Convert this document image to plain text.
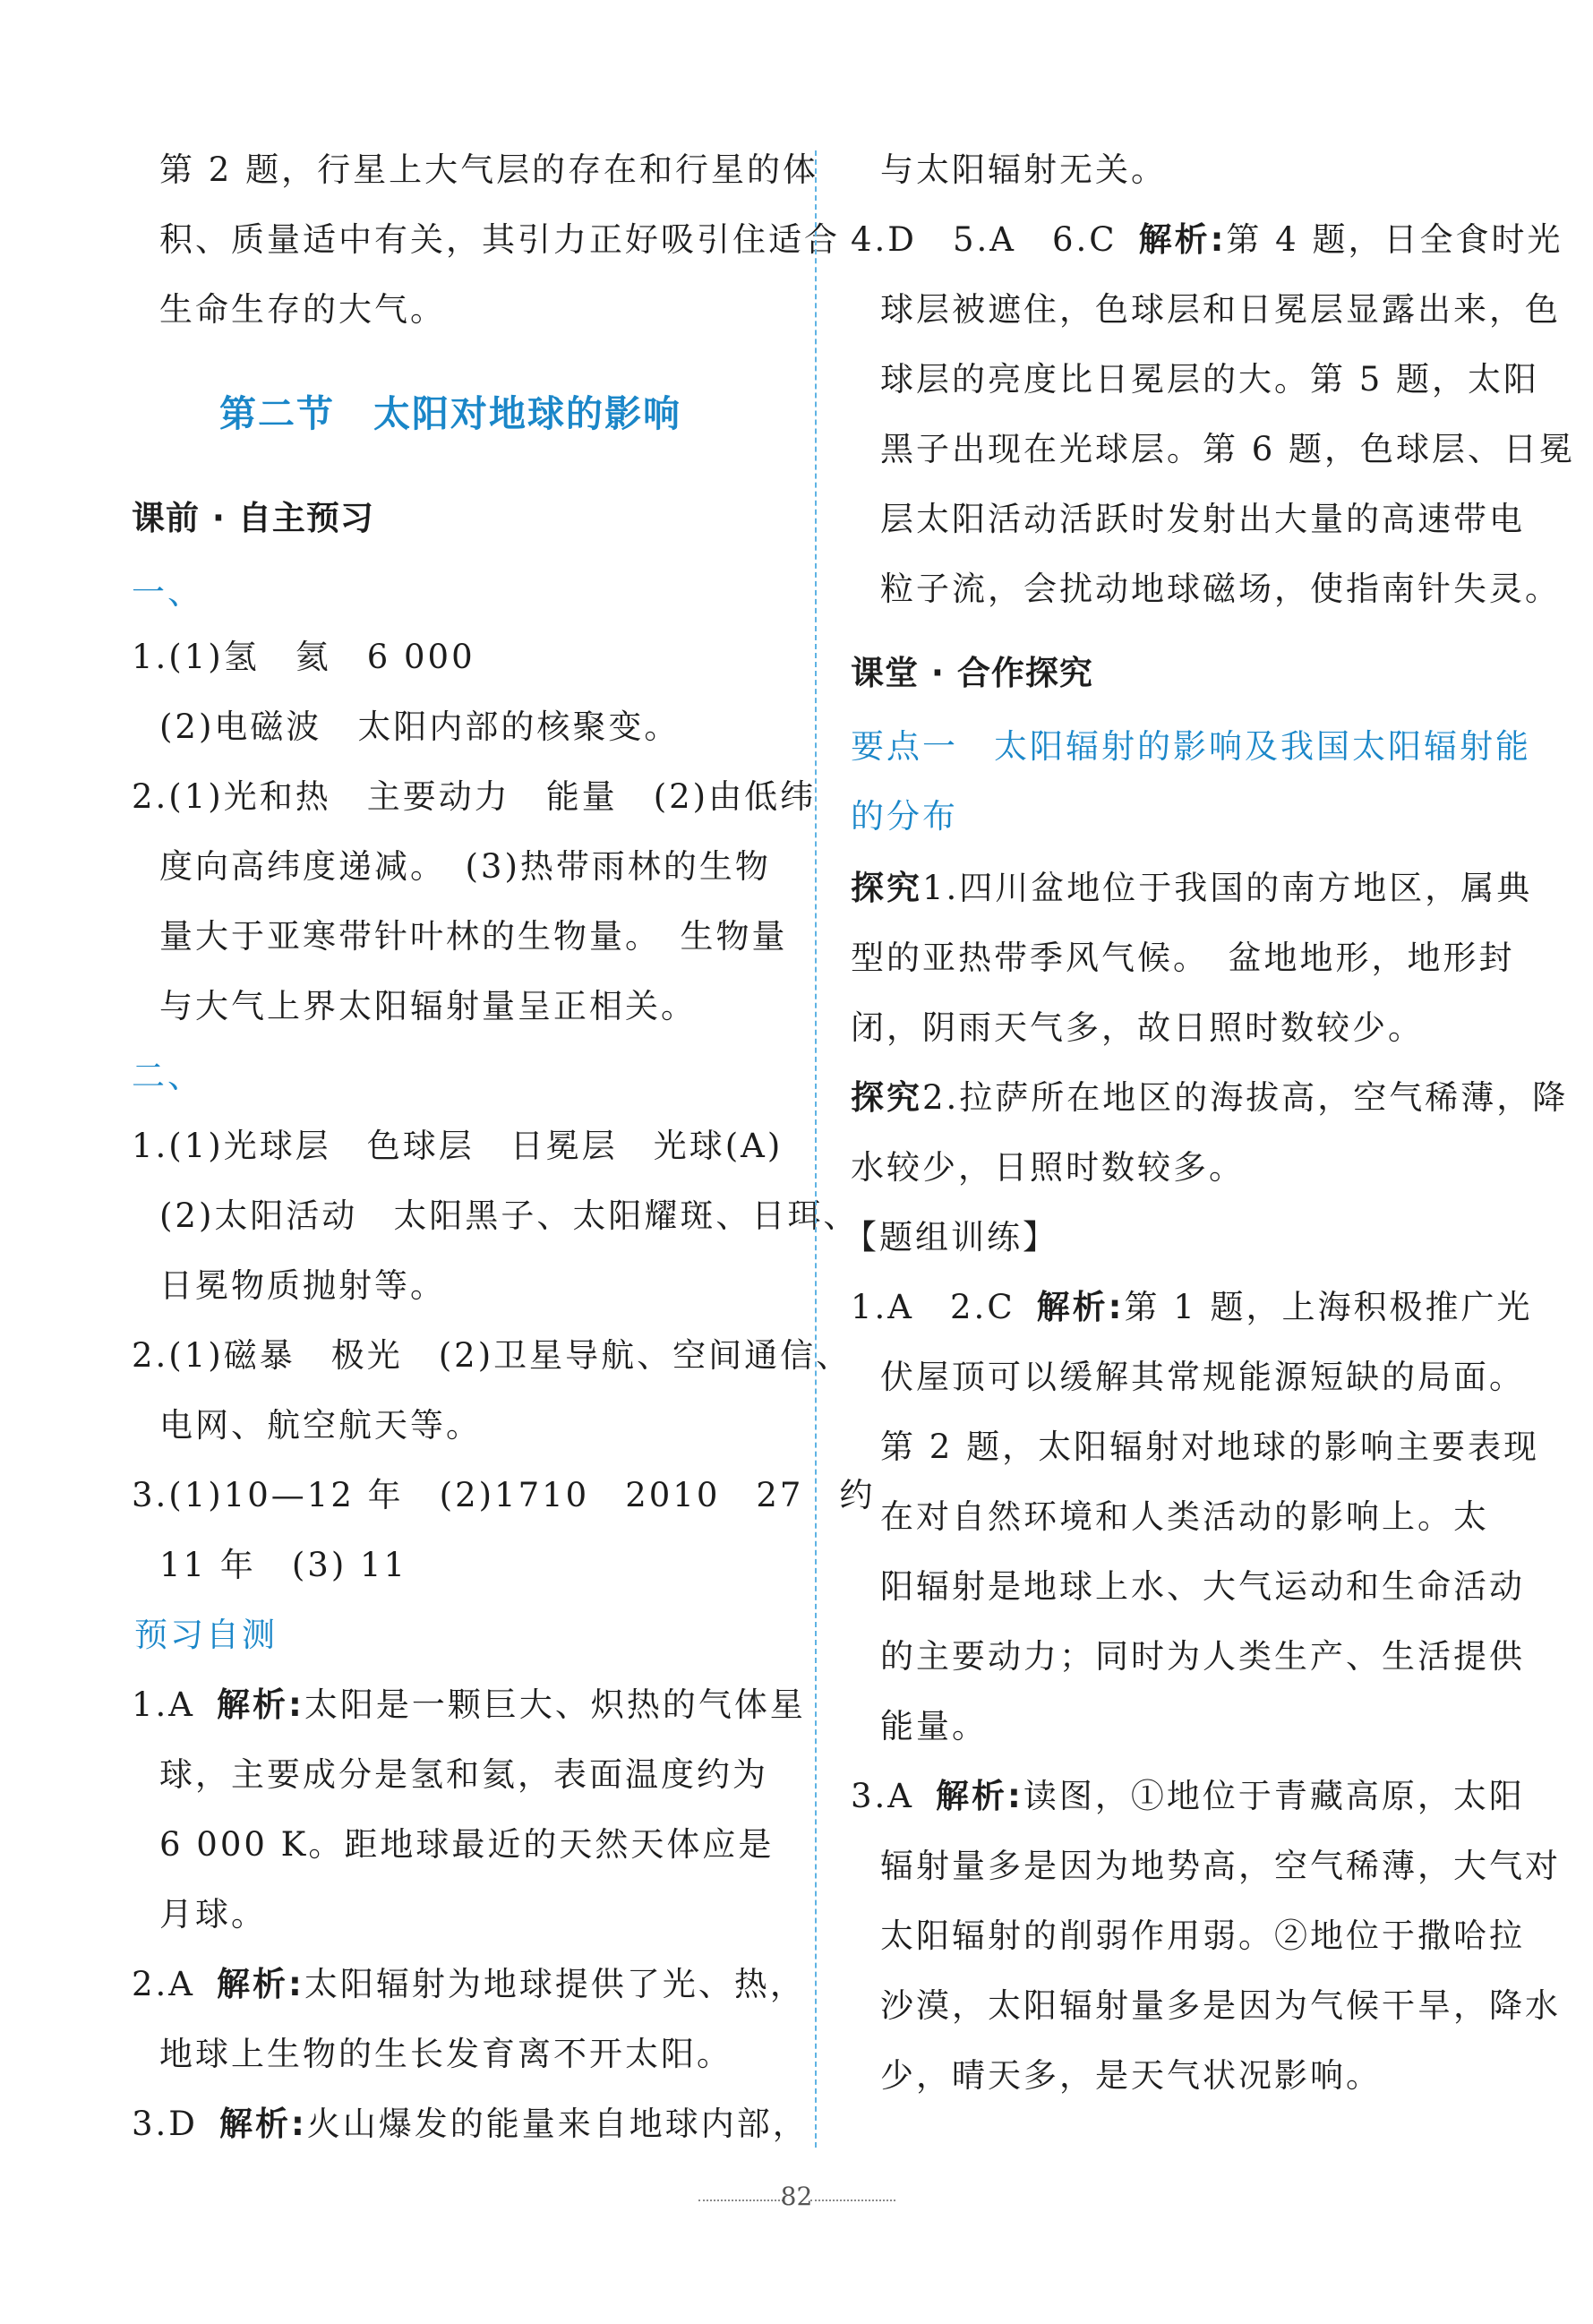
第 2 题，行星上大气层的存在和行星的体
积、质量适中有关，其引力正好吸引住适合
生命生存的大气。
第二节　太阳对地球的影响
课前 · 自主预习
一、
1.(1)氢　氦　6 000
(2)电磁波　太阳内部的核聚变。
2.(1)光和热　主要动力　能量　(2)由低纬
度向高纬度递减。　(3)热带雨林的生物
量大于亚寒带针叶林的生物量。　生物量
与大气上界太阳辐射量呈正相关。
二、
1.(1)光球层　色球层　日冕层　光球(A)
(2)太阳活动　太阳黑子、太阳耀斑、日珥、
日冕物质抛射等。
2.(1)磁暴　极光　(2)卫星导航、空间通信、
电网、航空航天等。
3.(1)10—12 年　(2)1710　2010　27　约
11 年　(3) 11
预习自测
1.A 解析:太阳是一颗巨大、炽热的气体星
球，主要成分是氢和氦，表面温度约为
6 000 K。距地球最近的天然天体应是
月球。
2.A 解析:太阳辐射为地球提供了光、热，
地球上生物的生长发育离不开太阳。
3.D 解析:火山爆发的能量来自地球内部，
与太阳辐射无关。
4.D　5.A　6.C 解析:第 4 题，日全食时光
球层被遮住，色球层和日冕层显露出来，色
球层的亮度比日冕层的大。第 5 题，太阳
黑子出现在光球层。第 6 题，色球层、日冕
层太阳活动活跃时发射出大量的高速带电
粒子流，会扰动地球磁场，使指南针失灵。
课堂 · 合作探究
要点一　太阳辐射的影响及我国太阳辐射能
的分布
探究1.四川盆地位于我国的南方地区，属典
型的亚热带季风气候。　盆地地形，地形封
闭，阴雨天气多，故日照时数较少。
探究2.拉萨所在地区的海拔高，空气稀薄，降
水较少，日照时数较多。
【题组训练】
1.A　2.C 解析:第 1 题，上海积极推广光
伏屋顶可以缓解其常规能源短缺的局面。
第 2 题，太阳辐射对地球的影响主要表现
在对自然环境和人类活动的影响上。太
阳辐射是地球上水、大气运动和生命活动
的主要动力；同时为人类生产、生活提供
能量。
3.A 解析:读图，①地位于青藏高原，太阳
辐射量多是因为地势高，空气稀薄，大气对
太阳辐射的削弱作用弱。②地位于撒哈拉
沙漠，太阳辐射量多是因为气候干旱，降水
少，晴天多，是天气状况影响。
82
